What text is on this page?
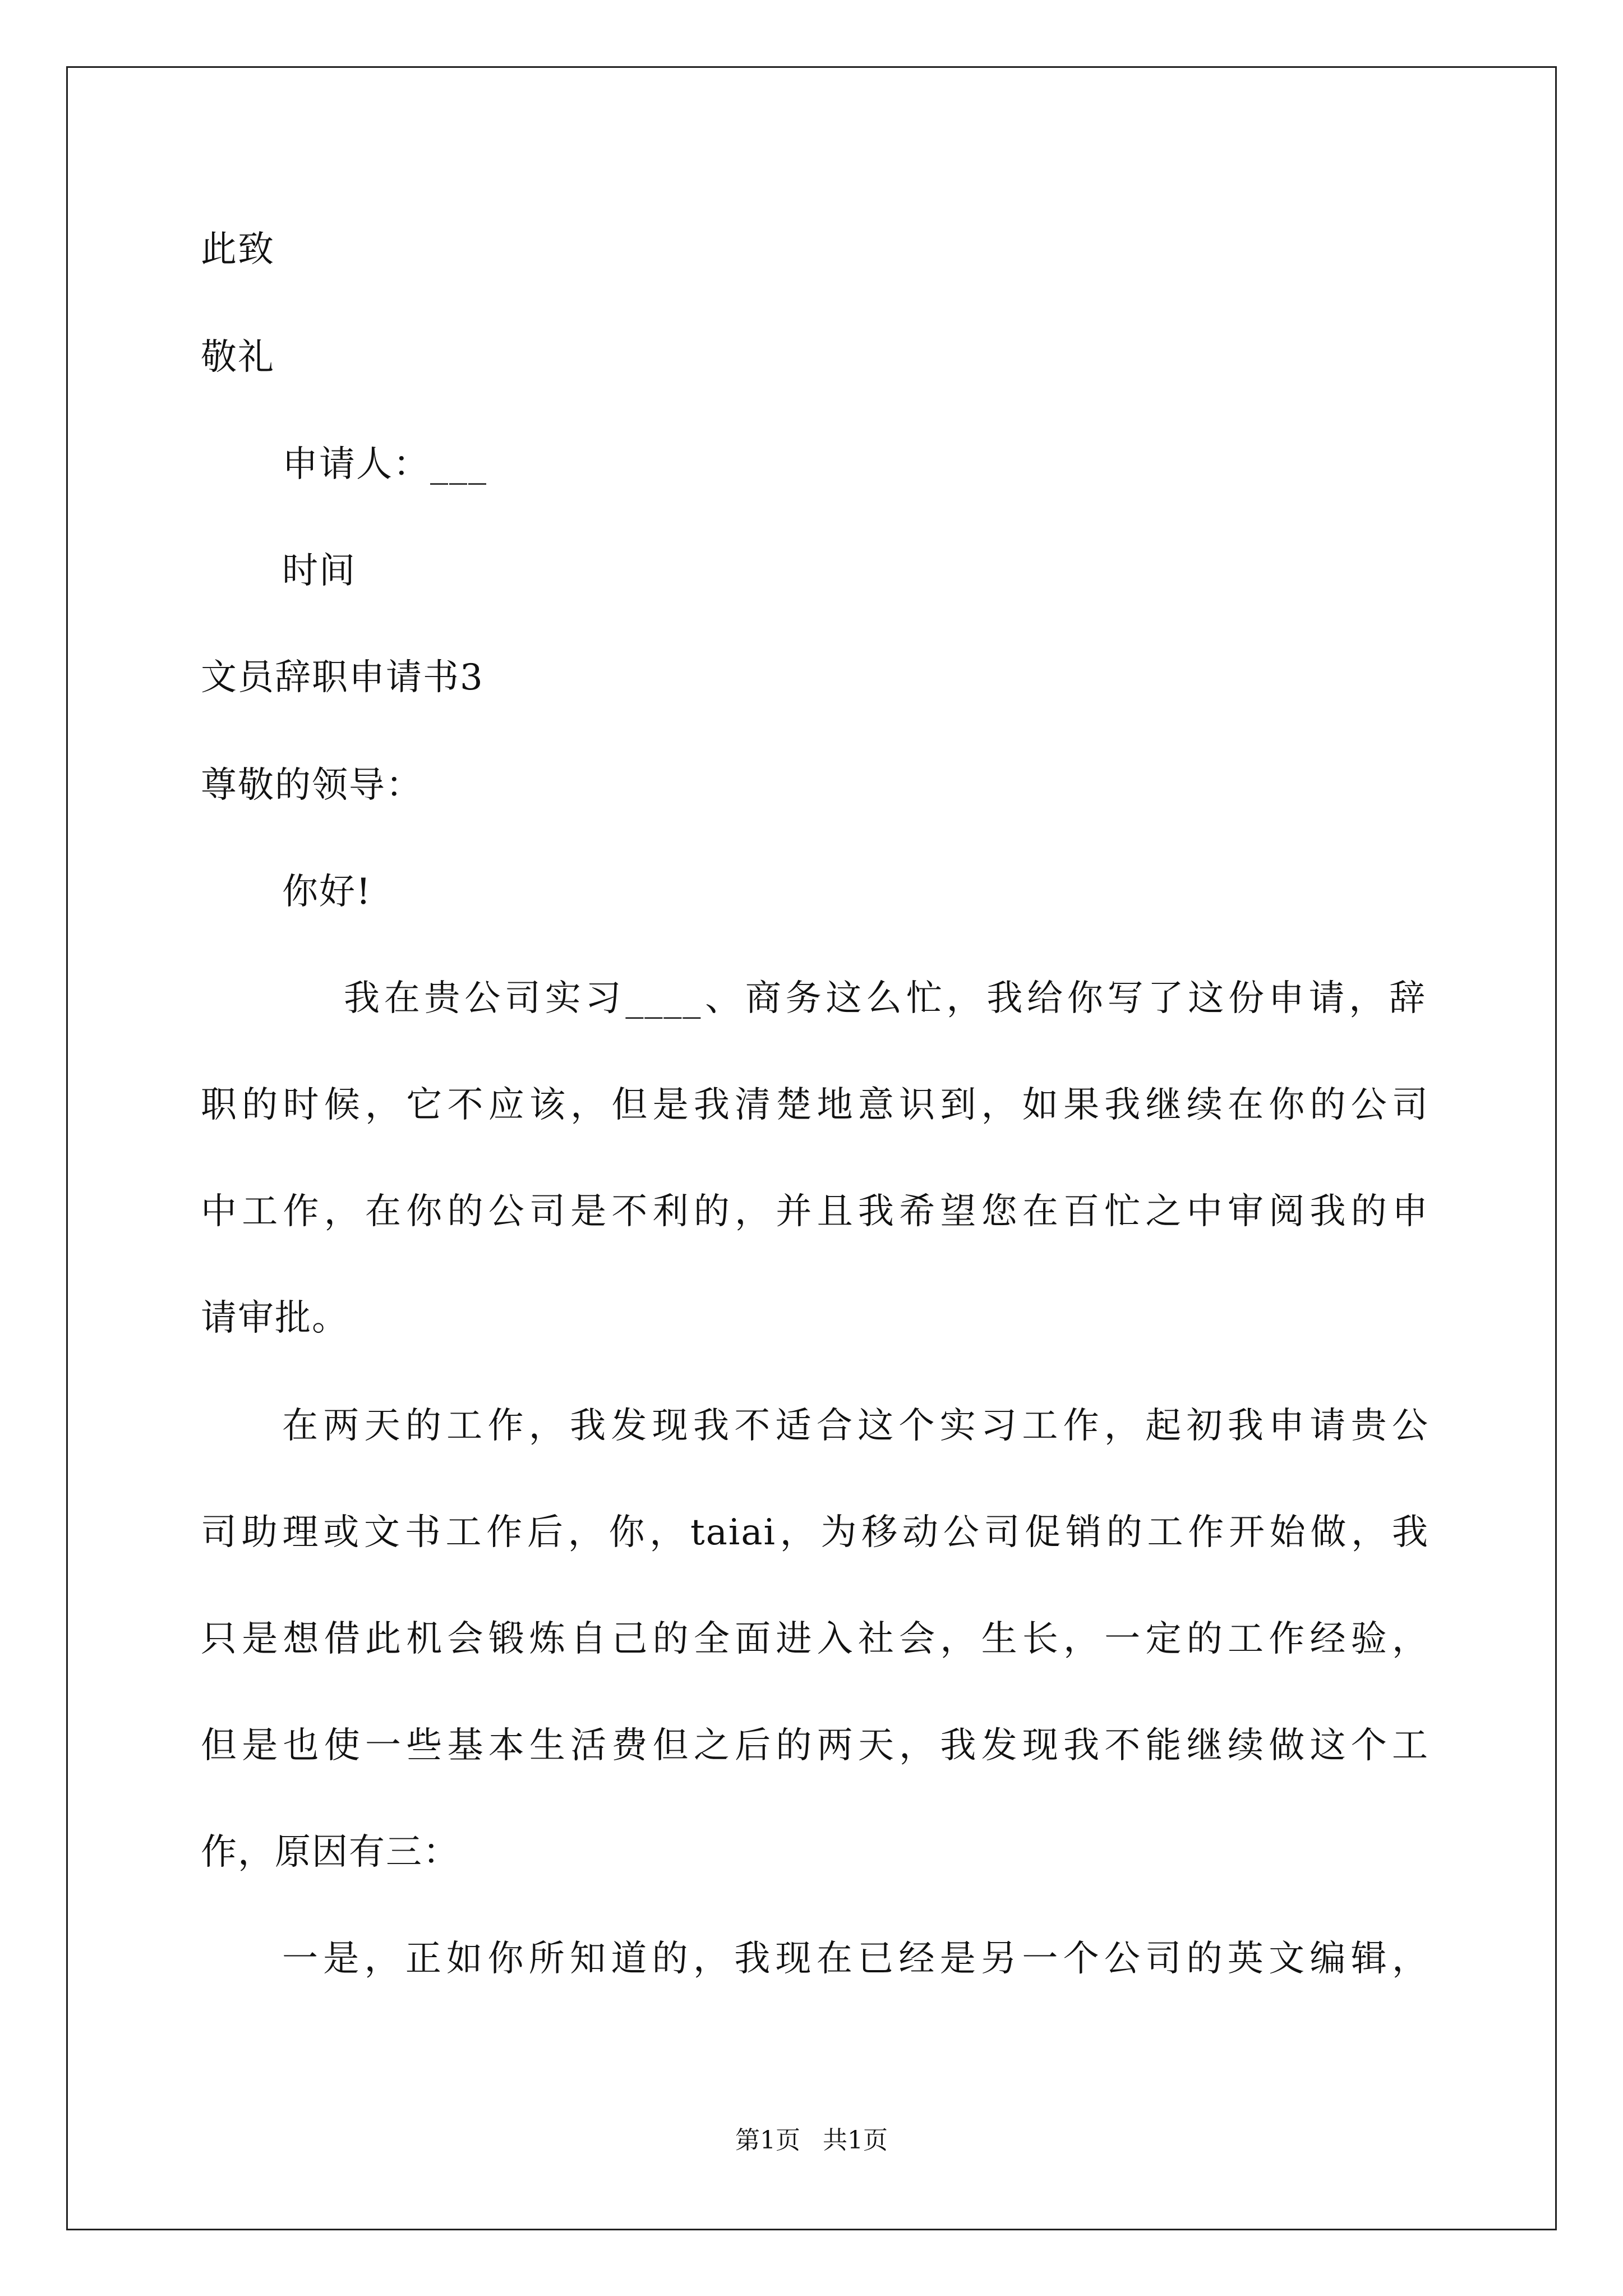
此致
敬礼
申请人：___
时间
文员辞职申请书3
尊敬的领导：
你好!
我在贵公司实习____、商务这么忙，我给你写了这份申请，辞
职的时候，它不应该，但是我清楚地意识到，如果我继续在你的公司
中工作，在你的公司是不利的，并且我希望您在百忙之中审阅我的申
请审批。
在两天的工作，我发现我不适合这个实习工作，起初我申请贵公
司助理或文书工作后，你，taiai，为移动公司促销的工作开始做，我
只是想借此机会锻炼自己的全面进入社会，生长，一定的工作经验，
但是也使一些基本生活费但之后的两天，我发现我不能继续做这个工
作，原因有三：
一是，正如你所知道的，我现在已经是另一个公司的英文编辑，
第1页 共1页
